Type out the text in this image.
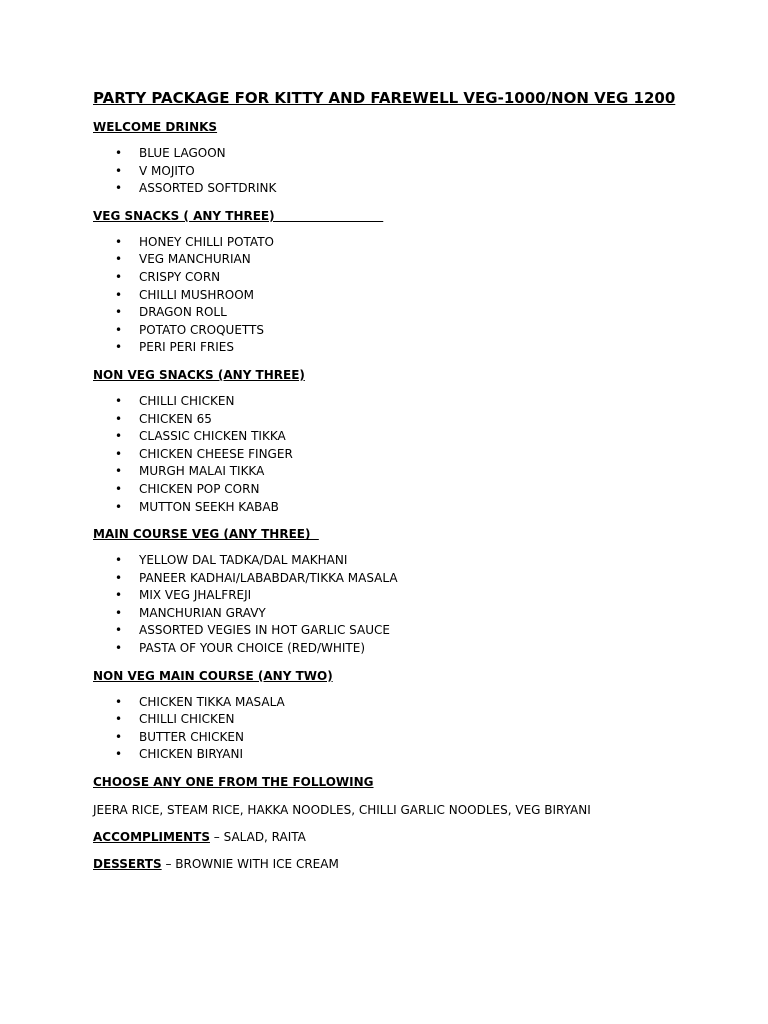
PARTY PACKAGE FOR KITTY AND FAREWELL VEG-1000/NON VEG 1200

WELCOME DRINKS

• BLUE LAGOON
• V MOJITO
• ASSORTED SOFTDRINK

VEG SNACKS ( ANY THREE)

• HONEY CHILLI POTATO
• VEG MANCHURIAN
• CRISPY CORN
• CHILLI MUSHROOM
• DRAGON ROLL
• POTATO CROQUETTS
• PERI PERI FRIES

NON VEG SNACKS (ANY THREE)

• CHILLI CHICKEN
• CHICKEN 65
• CLASSIC CHICKEN TIKKA
• CHICKEN CHEESE FINGER
• MURGH MALAI TIKKA
• CHICKEN POP CORN
• MUTTON SEEKH KABAB

MAIN COURSE VEG (ANY THREE)

• YELLOW DAL TADKA/DAL MAKHANI
• PANEER KADHAI/LABABDAR/TIKKA MASALA
• MIX VEG JHALFREJI
• MANCHURIAN GRAVY
• ASSORTED VEGIES IN HOT GARLIC SAUCE
• PASTA OF YOUR CHOICE (RED/WHITE)

NON VEG MAIN COURSE (ANY TWO)

• CHICKEN TIKKA MASALA
• CHILLI CHICKEN
• BUTTER CHICKEN
• CHICKEN BIRYANI

CHOOSE ANY ONE FROM THE FOLLOWING

JEERA RICE, STEAM RICE, HAKKA NOODLES, CHILLI GARLIC NOODLES, VEG BIRYANI

ACCOMPLIMENTS – SALAD, RAITA

DESSERTS – BROWNIE WITH ICE CREAM
